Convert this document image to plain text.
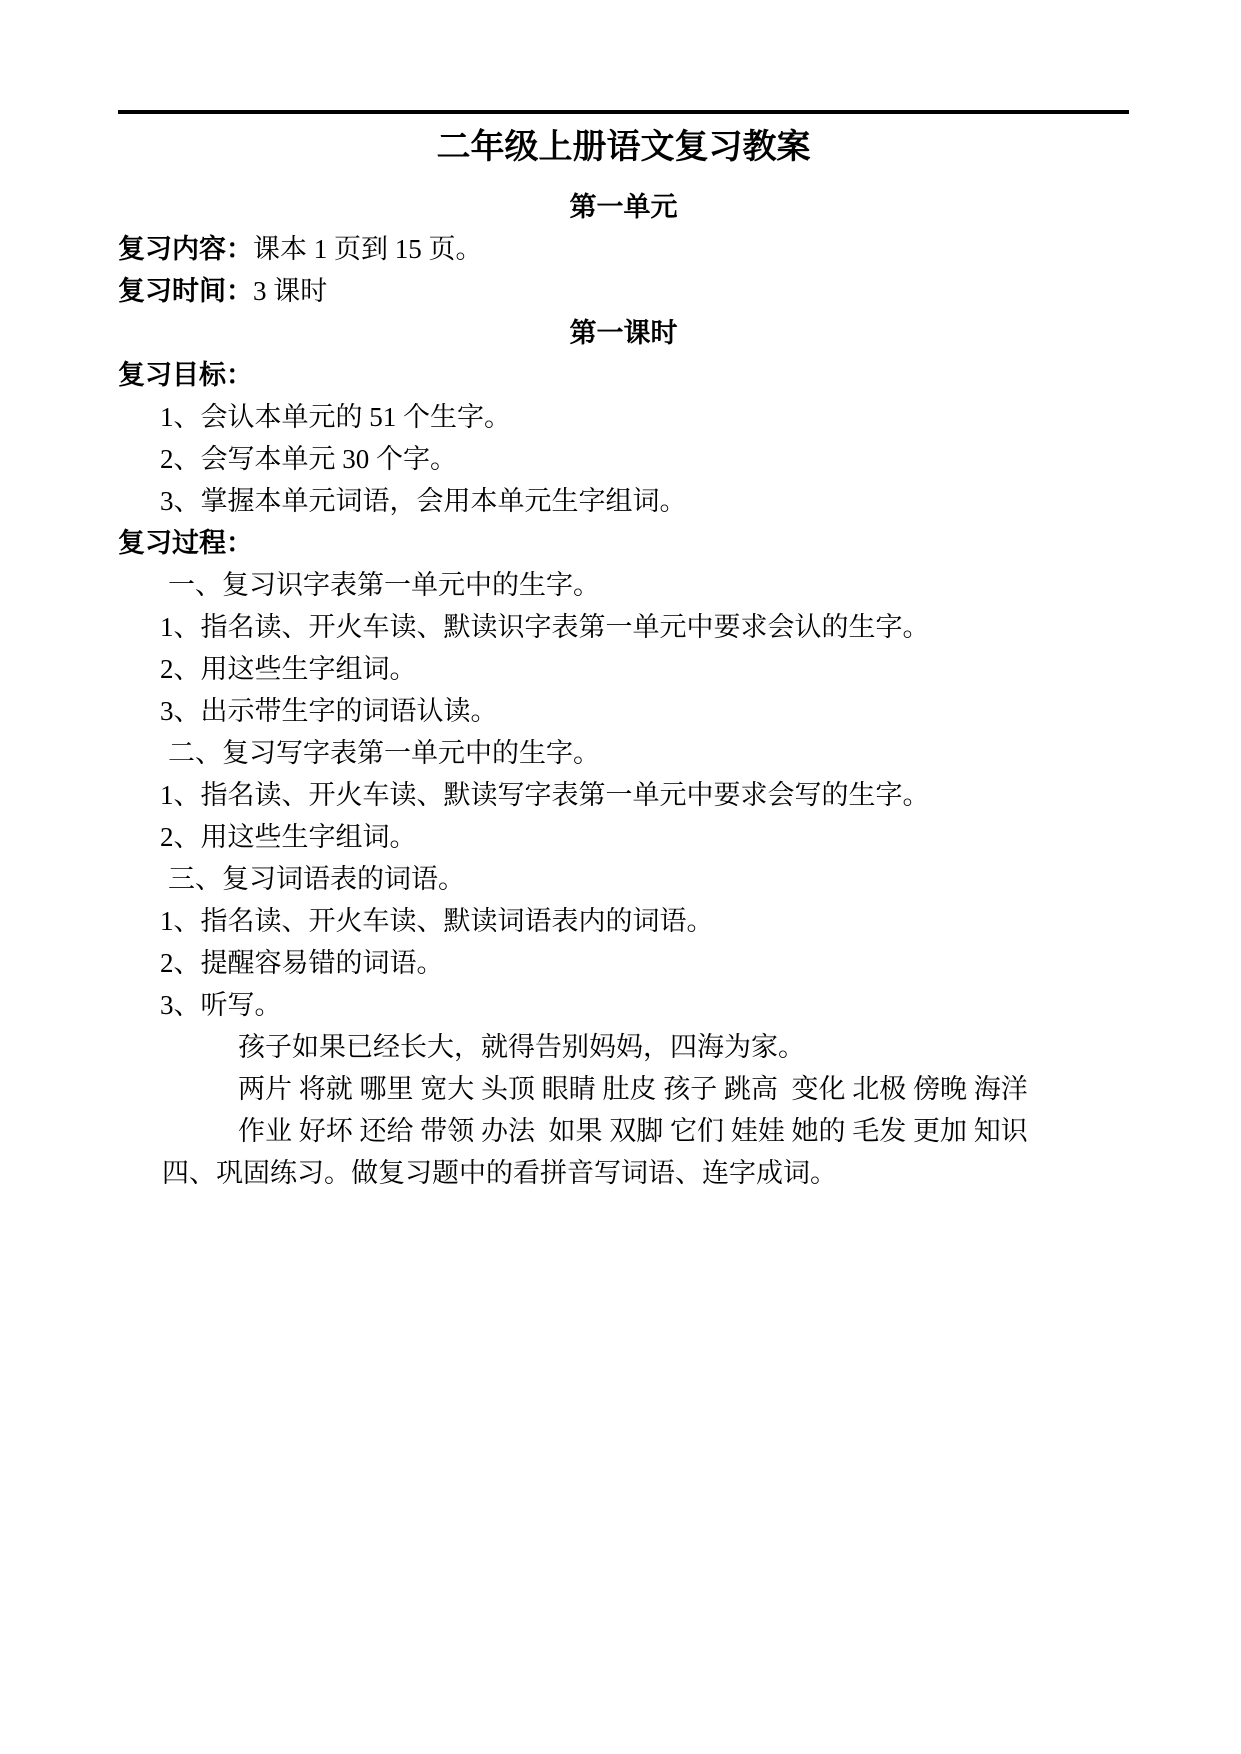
二年级上册语文复习教案
第一单元

复习内容：课本 1 页到 15 页。

复习时间：3 课时

第一课时

复习目标：

1、会认本单元的 51 个生字。

2、会写本单元 30 个字。

3、掌握本单元词语，会用本单元生字组词。

复习过程：

一、复习识字表第一单元中的生字。

1、指名读、开火车读、默读识字表第一单元中要求会认的生字。

2、用这些生字组词。

3、出示带生字的词语认读。

二、复习写字表第一单元中的生字。

1、指名读、开火车读、默读写字表第一单元中要求会写的生字。

2、用这些生字组词。

三、复习词语表的词语。

1、指名读、开火车读、默读词语表内的词语。

2、提醒容易错的词语。

3、听写。

孩子如果已经长大，就得告别妈妈，四海为家。

两片 将就 哪里 宽大 头顶 眼睛 肚皮 孩子 跳高  变化 北极 傍晚 海洋

作业 好坏 还给 带领 办法  如果 双脚 它们 娃娃 她的 毛发 更加 知识

四、巩固练习。做复习题中的看拼音写词语、连字成词。
